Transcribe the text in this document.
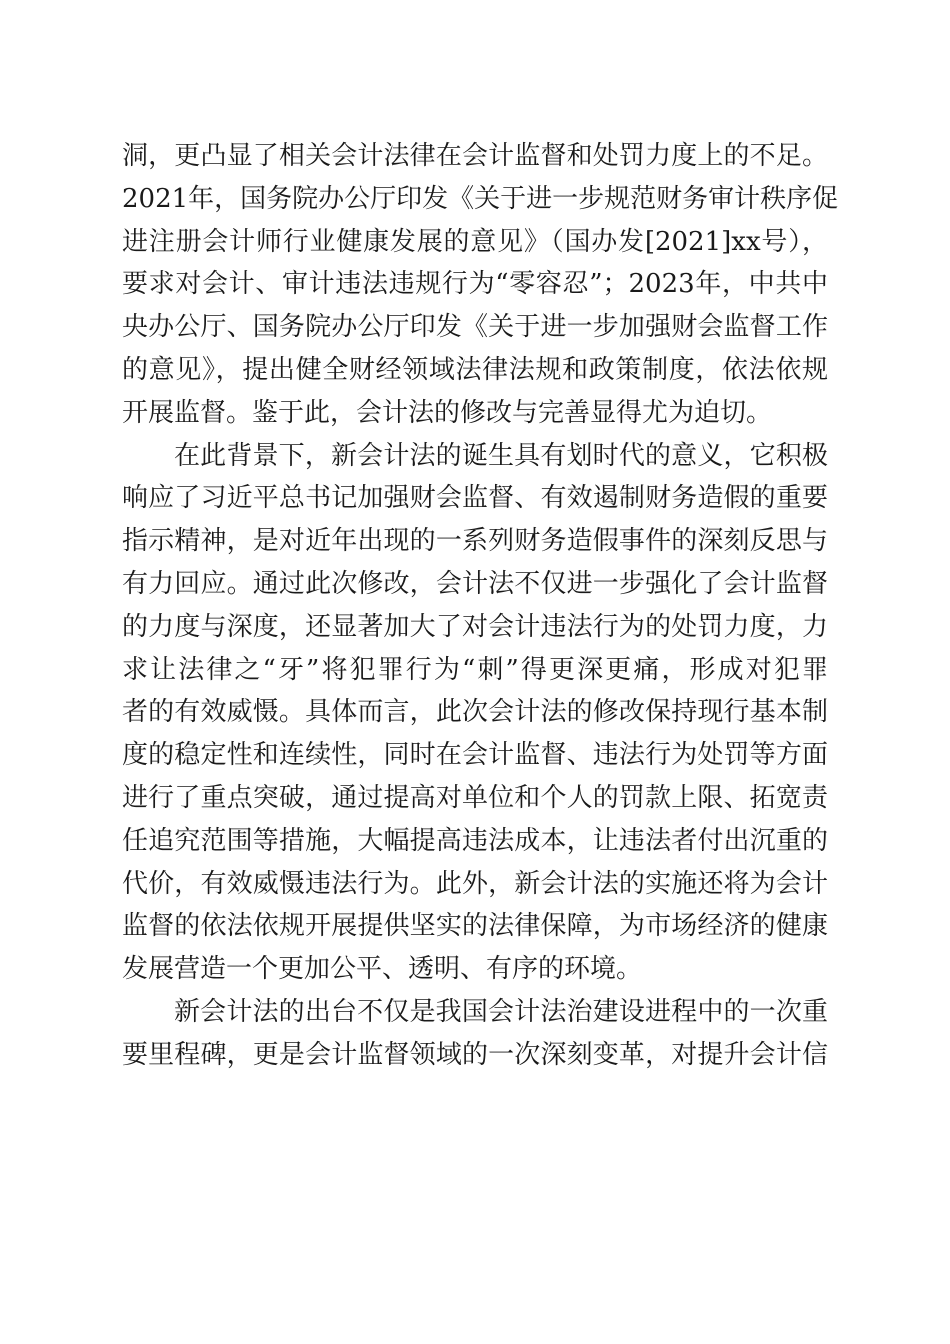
洞，更凸显了相关会计法律在会计监督和处罚力度上的不足。
2021年，国务院办公厅印发《关于进一步规范财务审计秩序促
进注册会计师行业健康发展的意见》（国办发[2021]xx号），
要求对会计、审计违法违规行为“零容忍”；2023年，中共中
央办公厅、国务院办公厅印发《关于进一步加强财会监督工作
的意见》，提出健全财经领域法律法规和政策制度，依法依规
开展监督。鉴于此，会计法的修改与完善显得尤为迫切。
在此背景下，新会计法的诞生具有划时代的意义，它积极
响应了习近平总书记加强财会监督、有效遏制财务造假的重要
指示精神，是对近年出现的一系列财务造假事件的深刻反思与
有力回应。通过此次修改，会计法不仅进一步强化了会计监督
的力度与深度，还显著加大了对会计违法行为的处罚力度，力
求让法律之“牙”将犯罪行为“刺”得更深更痛，形成对犯罪
者的有效威慑。具体而言，此次会计法的修改保持现行基本制
度的稳定性和连续性，同时在会计监督、违法行为处罚等方面
进行了重点突破，通过提高对单位和个人的罚款上限、拓宽责
任追究范围等措施，大幅提高违法成本，让违法者付出沉重的
代价，有效威慑违法行为。此外，新会计法的实施还将为会计
监督的依法依规开展提供坚实的法律保障，为市场经济的健康
发展营造一个更加公平、透明、有序的环境。
新会计法的出台不仅是我国会计法治建设进程中的一次重
要里程碑，更是会计监督领域的一次深刻变革，对提升会计信
